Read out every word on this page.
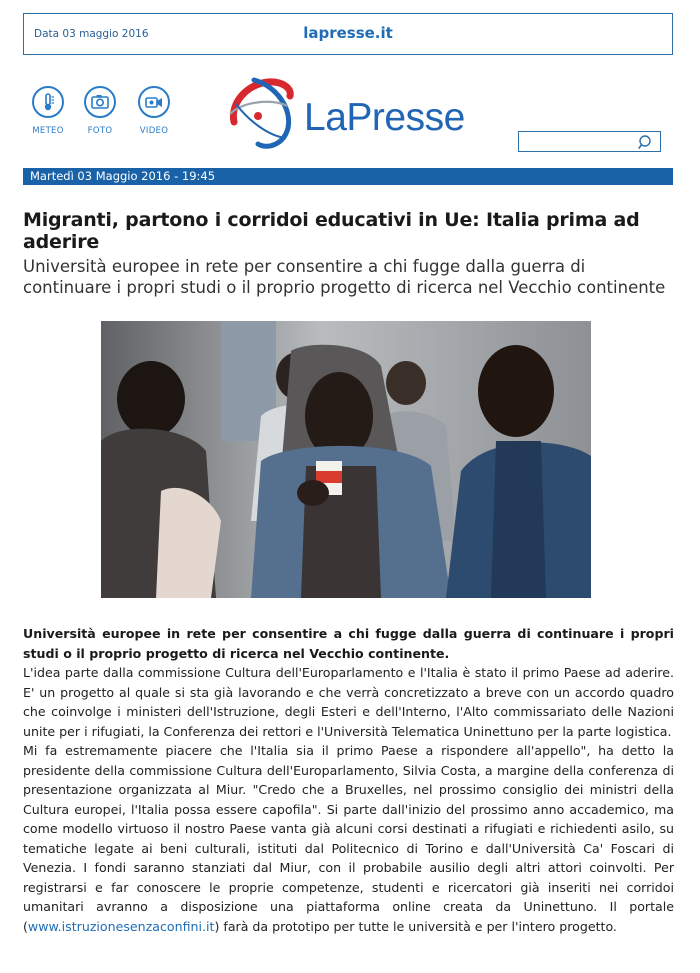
Data 03 maggio 2016	lapresse.it
METEO	FOTO	VIDEO	LaPresse
Martedì 03 Maggio 2016 - 19:45
Migranti, partono i corridoi educativi in Ue: Italia prima ad aderire
Università europee in rete per consentire a chi fugge dalla guerra di continuare i propri studi o il proprio progetto di ricerca nel Vecchio continente

Università europee in rete per consentire a chi fugge dalla guerra di continuare i propri studi o il proprio progetto di ricerca nel Vecchio continente.

L'idea parte dalla commissione Cultura dell'Europarlamento e l'Italia è stato il primo Paese ad aderire. E' un progetto al quale si sta già lavorando e che verrà concretizzato a breve con un accordo quadro che coinvolge i ministeri dell'Istruzione, degli Esteri e dell'Interno, l'Alto commissariato delle Nazioni unite per i rifugiati, la Conferenza dei rettori e l'Università Telematica Uninettuno per la parte logistica.

Mi fa estremamente piacere che l'Italia sia il primo Paese a rispondere all'appello", ha detto la presidente della commissione Cultura dell'Europarlamento, Silvia Costa, a margine della conferenza di presentazione organizzata al Miur. "Credo che a Bruxelles, nel prossimo consiglio dei ministri della Cultura europei, l'Italia possa essere capofila". Si parte dall'inizio del prossimo anno accademico, ma come modello virtuoso il nostro Paese vanta già alcuni corsi destinati a rifugiati e richiedenti asilo, su tematiche legate ai beni culturali, istituti dal Politecnico di Torino e dall'Università Ca' Foscari di Venezia. I fondi saranno stanziati dal Miur, con il probabile ausilio degli altri attori coinvolti. Per registrarsi e far conoscere le proprie competenze, studenti e ricercatori già inseriti nei corridoi umanitari avranno a disposizione una piattaforma online creata da Uninettuno. Il portale (www.istruzionesenzaconfini.it) farà da prototipo per tutte le università e per l'intero progetto.
